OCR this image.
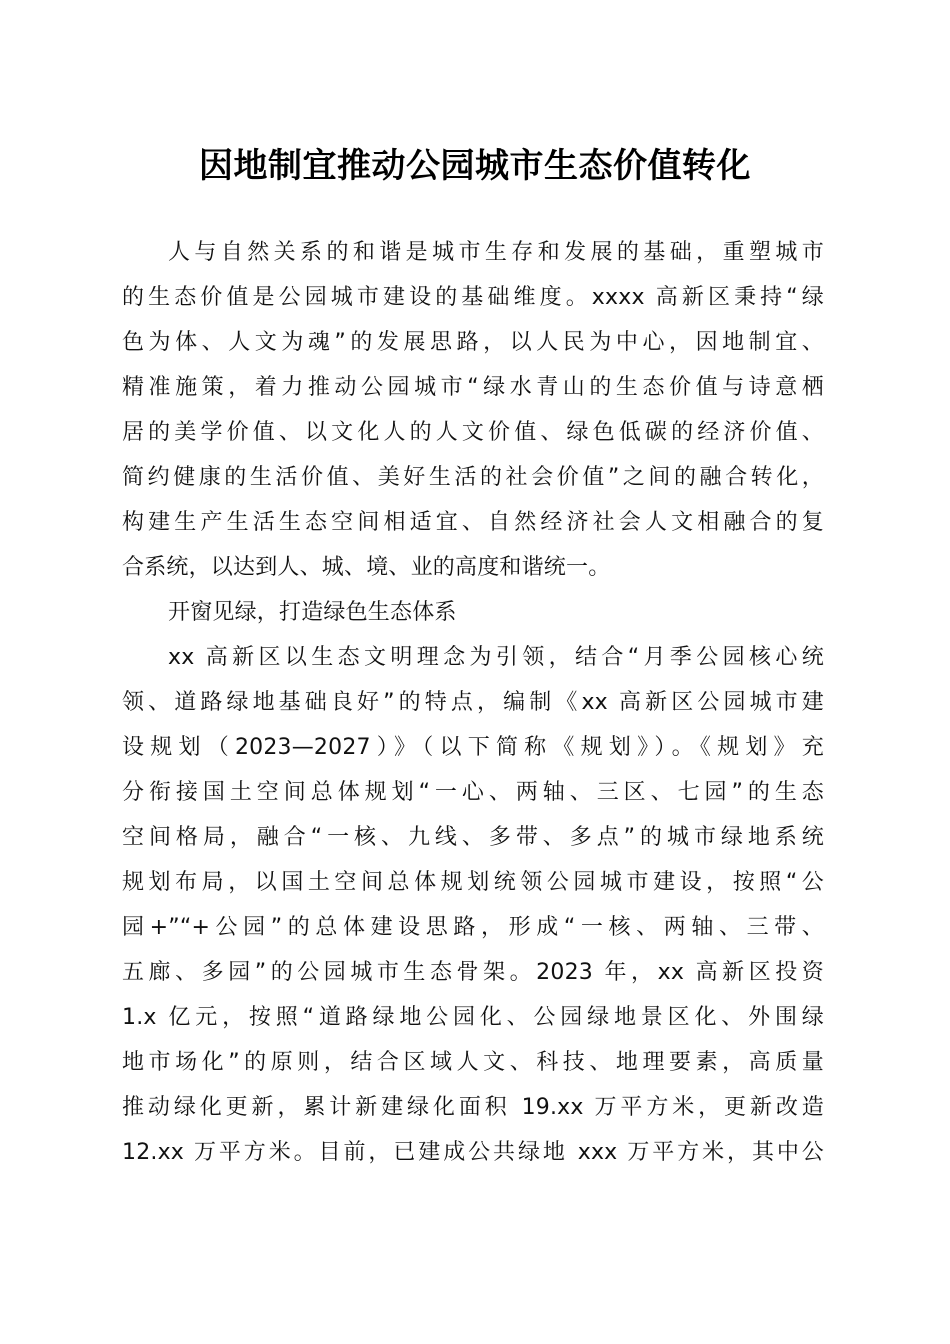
因地制宜推动公园城市生态价值转化
人与自然关系的和谐是城市生存和发展的基础，重塑城市
的生态价值是公园城市建设的基础维度。xxxx 高新区秉持“绿
色为体、人文为魂”的发展思路，以人民为中心，因地制宜、
精准施策，着力推动公园城市“绿水青山的生态价值与诗意栖
居的美学价值、以文化人的人文价值、绿色低碳的经济价值、
简约健康的生活价值、美好生活的社会价值”之间的融合转化，
构建生产生活生态空间相适宜、自然经济社会人文相融合的复
合系统，以达到人、城、境、业的高度和谐统一。
开窗见绿，打造绿色生态体系
xx 高新区以生态文明理念为引领，结合“月季公园核心统
领、道路绿地基础良好”的特点，编制《xx 高新区公园城市建
设规划（2023—2027）》（以下简称《规划》）。《规划》充
分衔接国土空间总体规划“一心、两轴、三区、七园”的生态
空间格局，融合“一核、九线、多带、多点”的城市绿地系统
规划布局，以国土空间总体规划统领公园城市建设，按照“公
园+”“+公园”的总体建设思路，形成“一核、两轴、三带、
五廊、多园”的公园城市生态骨架。2023 年，xx 高新区投资
1.x 亿元，按照“道路绿地公园化、公园绿地景区化、外围绿
地市场化”的原则，结合区域人文、科技、地理要素，高质量
推动绿化更新，累计新建绿化面积 19.xx 万平方米，更新改造
12.xx 万平方米。目前，已建成公共绿地 xxx 万平方米，其中公
